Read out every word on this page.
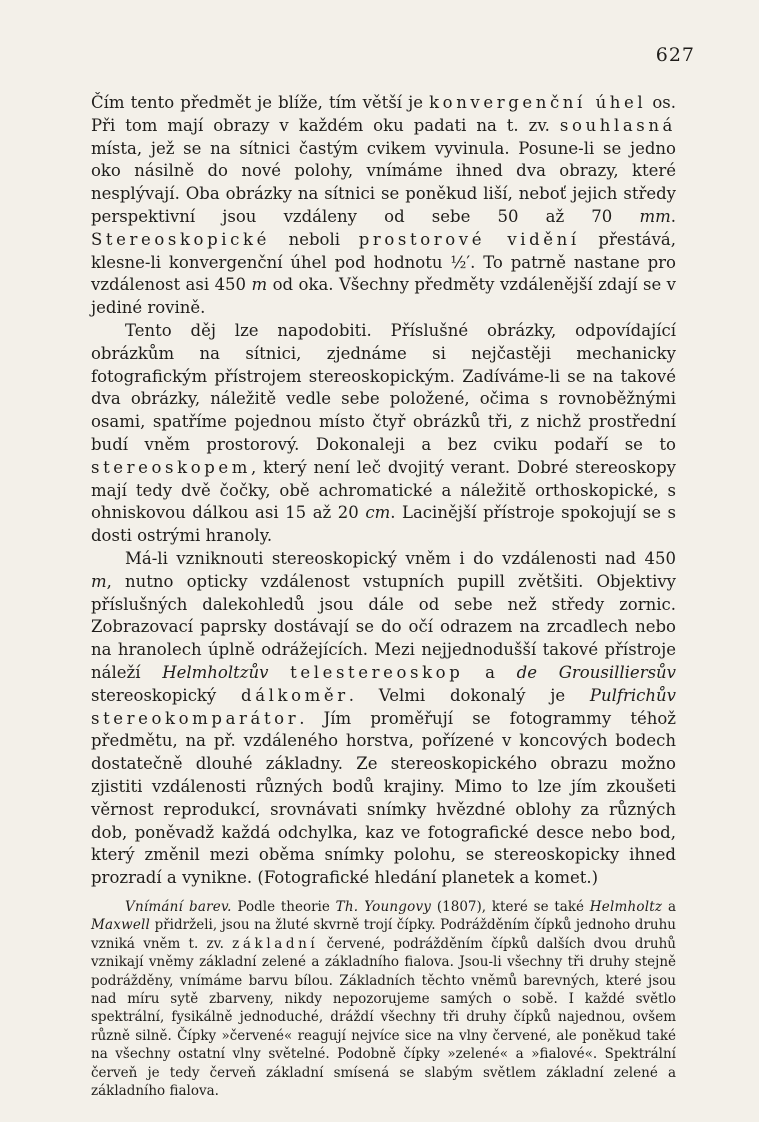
627

Čím tento předmět je blíže, tím větší je konvergenční úhel os. Při tom mají obrazy v každém oku padati na t. zv. souhlasná místa, jež se na sítnici častým cvikem vyvinula. Posune-li se jedno oko násilně do nové polohy, vnímáme ihned dva obrazy, které nesplývají. Oba obrázky na sítnici se poněkud liší, neboť jejich středy perspektivní jsou vzdáleny od sebe 50 až 70 mm. Stereoskopické neboli prostorové vidění přestává, klesne-li konvergenční úhel pod hodnotu ½′. To patrně nastane pro vzdálenost asi 450 m od oka. Všechny předměty vzdálenější zdají se v jediné rovině.

Tento děj lze napodobiti. Příslušné obrázky, odpovídající obrázkům na sítnici, zjednáme si nejčastěji mechanicky fotografickým přístrojem stereoskopickým. Zadíváme-li se na takové dva obrázky, náležitě vedle sebe položené, očima s rovnoběžnými osami, spatříme pojednou místo čtyř obrázků tři, z nichž prostřední budí vněm prostorový. Dokonaleji a bez cviku podaří se to stereoskopem, který není leč dvojitý verant. Dobré stereoskopy mají tedy dvě čočky, obě achromatické a náležitě orthoskopické, s ohniskovou dálkou asi 15 až 20 cm. Lacinější přístroje spokojují se s dosti ostrými hranoly.

Má-li vzniknouti stereoskopický vněm i do vzdálenosti nad 450 m, nutno opticky vzdálenost vstupních pupill zvětšiti. Objektivy příslušných dalekohledů jsou dále od sebe než středy zornic. Zobrazovací paprsky dostávají se do očí odrazem na zrcadlech nebo na hranolech úplně odrážejících. Mezi nejjednodušší takové přístroje náleží Helmholtzův telestereoskop a de Grousilliersův stereoskopický dálkoměr. Velmi dokonalý je Pulfrichův stereokomparátor. Jím proměřují se fotogrammy téhož předmětu, na př. vzdáleného horstva, pořízené v koncových bodech dostatečně dlouhé základny. Ze stereoskopického obrazu možno zjistiti vzdálenosti různých bodů krajiny. Mimo to lze jím zkoušeti věrnost reprodukcí, srovnávati snímky hvězdné oblohy za různých dob, poněvadž každá odchylka, kaz ve fotografické desce nebo bod, který změnil mezi oběma snímky polohu, se stereoskopicky ihned prozradí a vynikne. (Fotografické hledání planetek a komet.)

Vnímání barev. Podle theorie Th. Youngovy (1807), které se také Helmholtz a Maxwell přidrželi, jsou na žluté skvrně trojí čípky. Podrážděním čípků jednoho druhu vzniká vněm t. zv. základní červené, podrážděním čípků dalších dvou druhů vznikají vněmy základní zelené a základního fialova. Jsou-li všechny tři druhy stejně podrážděny, vnímáme barvu bílou. Základních těchto vněmů barevných, které jsou nad míru sytě zbarveny, nikdy nepozorujeme samých o sobě. I každé světlo spektrální, fysikálně jednoduché, dráždí všechny tři druhy čípků najednou, ovšem různě silně. Čípky »červené« reagují nejvíce sice na vlny červené, ale poněkud také na všechny ostatní vlny světelné. Podobně čípky »zelené« a »fialové«. Spektrální červeň je tedy červeň základní smísená se slabým světlem základní zelené a základního fialova.
